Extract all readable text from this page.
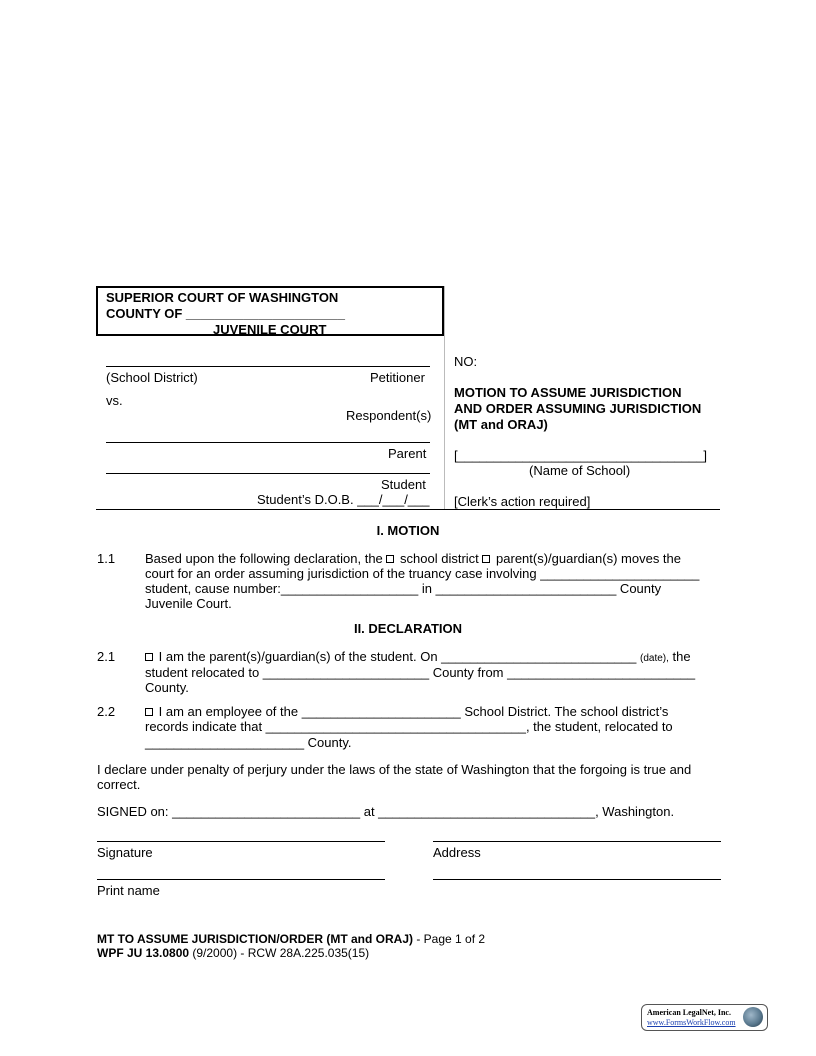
SUPERIOR COURT OF WASHINGTON
COUNTY OF ______________________
JUVENILE COURT
(School District)	Petitioner
vs.
Respondent(s)
Parent
Student
Student’s D.O.B. ___/___/___
NO:
MOTION TO ASSUME JURISDICTION
AND ORDER ASSUMING JURISDICTION
(MT and ORAJ)
[__________________________________]
(Name of School)
[Clerk’s action required]
I. MOTION
1.1 Based upon the following declaration, the school district parent(s)/guardian(s) moves the
court for an order assuming jurisdiction of the truancy case involving ______________________
student, cause number:___________________ in _________________________ County
Juvenile Court.
II. DECLARATION
2.1	I am the parent(s)/guardian(s) of the student. On ___________________________ (date), the
student relocated to _______________________ County from __________________________
County.
2.2	I am an employee of the ______________________ School District. The school district’s
records indicate that ____________________________________, the student, relocated to
______________________ County.
I declare under penalty of perjury under the laws of the state of Washington that the forgoing is true and
correct.
SIGNED on: __________________________ at ______________________________, Washington.
Signature	Address
Print name
MT TO ASSUME JURISDICTION/ORDER (MT and ORAJ) - Page 1 of 2
WPF JU 13.0800 (9/2000) - RCW 28A.225.035(15)
American LegalNet, Inc.
www.FormsWorkFlow.com
